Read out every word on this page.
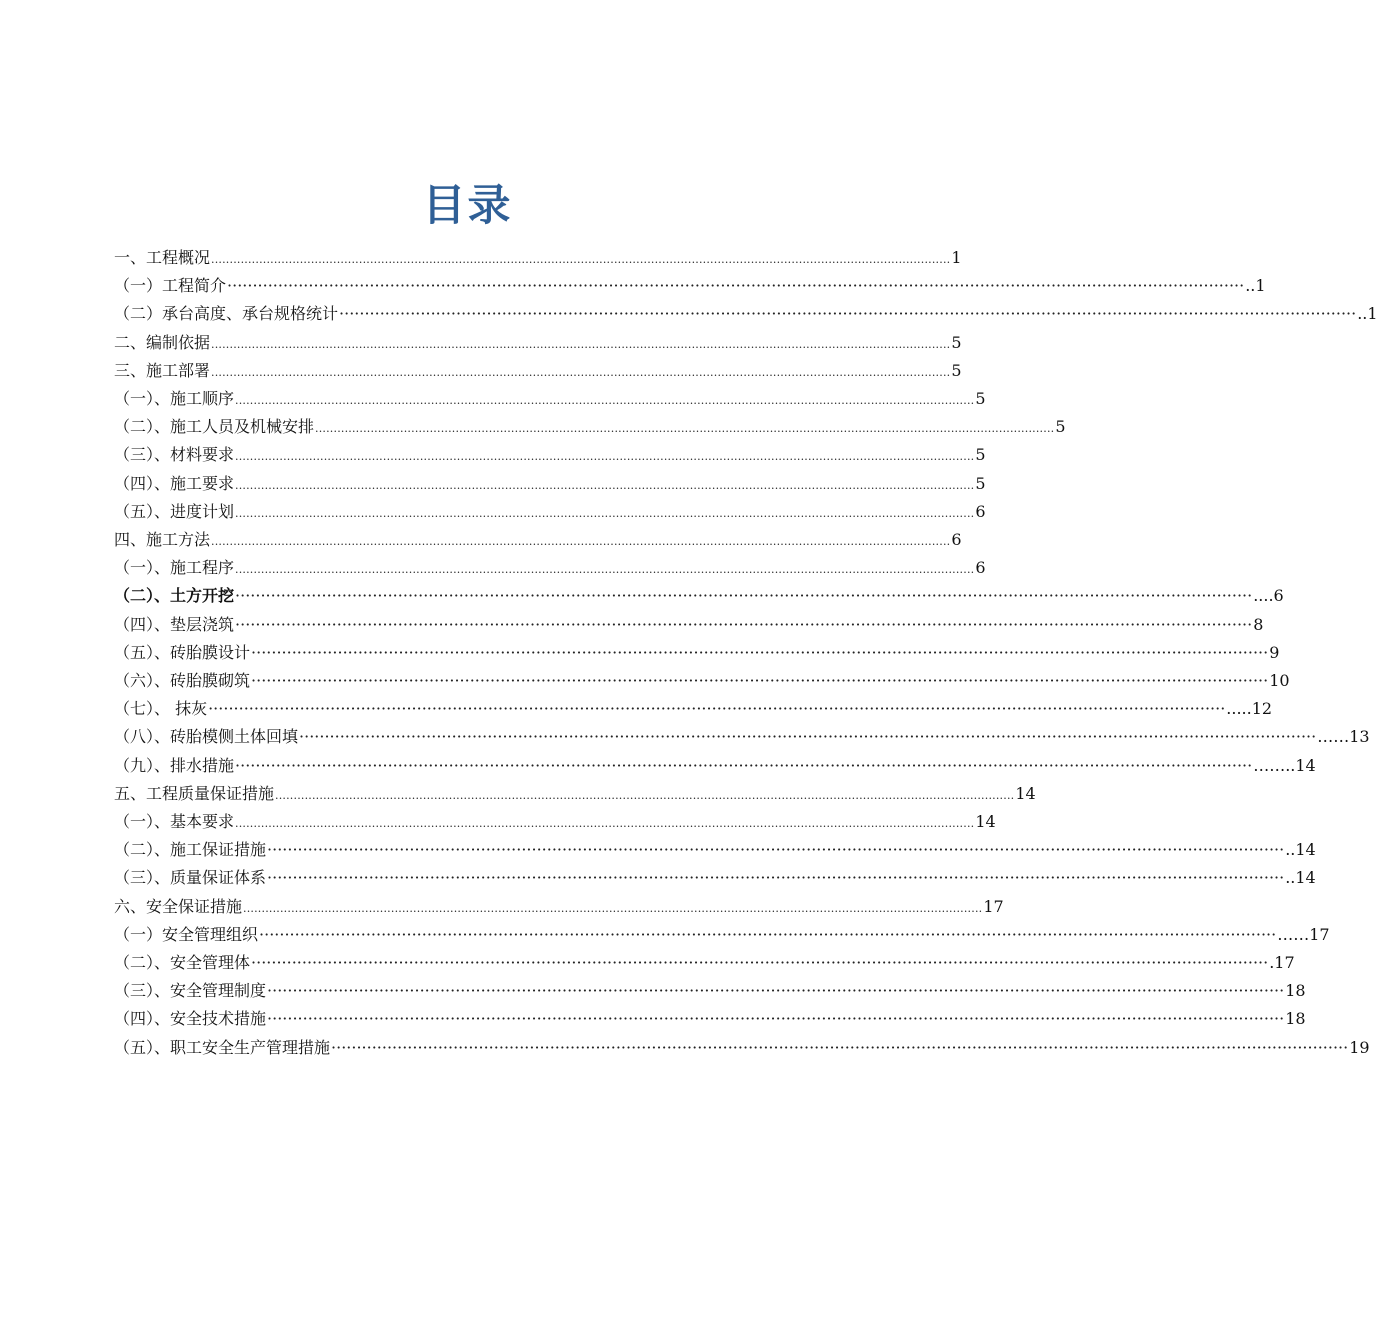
目录
一、工程概况 ........................................................................................................................................................................................................ 1
（一）工程简介 ········································································································································································································ ..1
（二）承台高度、承台规格统计 ········································································································································································································ ..1
二、编制依据 ........................................................................................................................................................................................................ 5
三、施工部署 ........................................................................................................................................................................................................ 5
（一）、施工顺序 ........................................................................................................................................................................................................ 5
（二）、施工人员及机械安排 ........................................................................................................................................................................................................ 5
（三）、材料要求 ........................................................................................................................................................................................................ 5
（四）、施工要求 ........................................................................................................................................................................................................ 5
（五）、进度计划 ........................................................................................................................................................................................................ 6
四、施工方法 ........................................................................................................................................................................................................ 6
（一）、施工程序 ........................................................................................................................................................................................................ 6
（二）、土方开挖 ········································································································································································································ ....6
（四）、垫层浇筑 ········································································································································································································ 8
（五）、砖胎膜设计 ········································································································································································································ 9
（六）、砖胎膜砌筑 ········································································································································································································ 10
（七）、 抹灰 ········································································································································································································ .....12
（八）、砖胎模侧土体回填 ········································································································································································································ ……13
（九）、排水措施 ········································································································································································································ ……..14
五、工程质量保证措施 ........................................................................................................................................................................................................ 14
（一）、基本要求 ........................................................................................................................................................................................................ 14
（二）、施工保证措施 ········································································································································································································ ..14
（三）、质量保证体系 ········································································································································································································ ..14
六、安全保证措施 ........................................................................................................................................................................................................ 17
（一）安全管理组织 ········································································································································································································ ……17
（二）、安全管理体 ········································································································································································································ .17
（三）、安全管理制度 ········································································································································································································ 18
（四）、安全技术措施 ········································································································································································································ 18
（五）、职工安全生产管理措施 ········································································································································································································ 19
